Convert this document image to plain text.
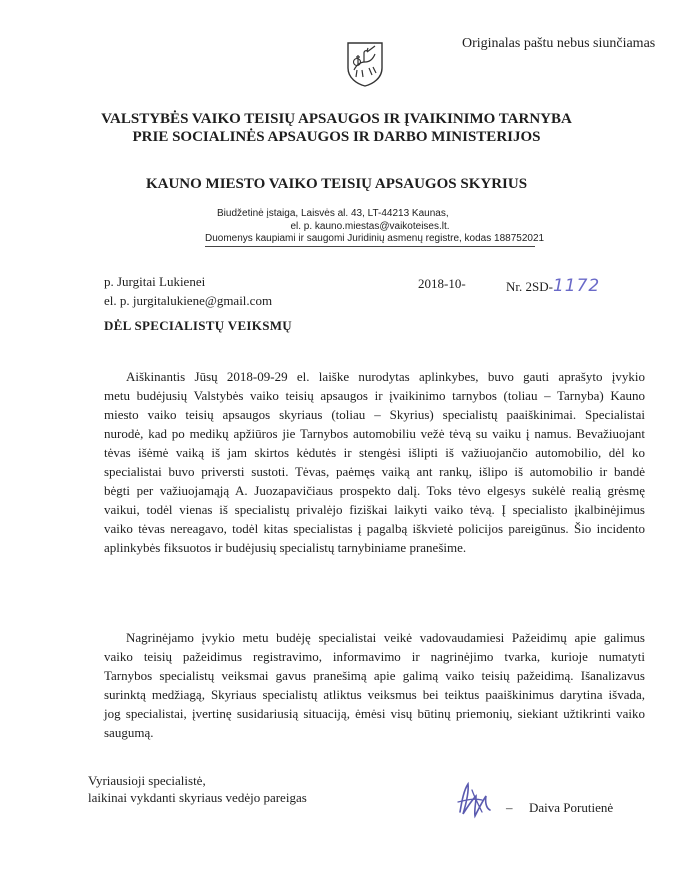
Originalas paštu nebus siunčiamas
VALSTYBĖS VAIKO TEISIŲ APSAUGOS IR ĮVAIKINIMO TARNYBA
PRIE SOCIALINĖS APSAUGOS IR DARBO MINISTERIJOS
KAUNO MIESTO VAIKO TEISIŲ APSAUGOS SKYRIUS
Biudžetinė įstaiga, Laisvės al. 43, LT-44213 Kaunas,
el. p. kauno.miestas@vaikoteises.lt.
Duomenys kaupiami ir saugomi Juridinių asmenų registre, kodas 188752021
p. Jurgitai Lukienei
el. p. jurgitalukiene@gmail.com
2018-10-	Nr. 2SD-1172
DĖL SPECIALISTŲ VEIKSMŲ
Aiškinantis Jūsų 2018-09-29 el. laiške nurodytas aplinkybes, buvo gauti aprašyto įvykio
metu budėjusių Valstybės vaiko teisių apsaugos ir įvaikinimo tarnybos (toliau – Tarnyba) Kauno
miesto vaiko teisių apsaugos skyriaus (toliau – Skyrius) specialistų paaiškinimai. Specialistai
nurodė, kad po medikų apžiūros jie Tarnybos automobiliu vežė tėvą su vaiku į namus. Bevažiuojant
tėvas išėmė vaiką iš jam skirtos kėdutės ir stengėsi išlipti iš važiuojančio automobilio, dėl ko
specialistai buvo priversti sustoti. Tėvas, paėmęs vaiką ant rankų, išlipo iš automobilio ir bandė
bėgti per važiuojamąją A. Juozapavičiaus prospekto dalį. Toks tėvo elgesys sukėlė realią grėsmę
vaikui, todėl vienas iš specialistų privalėjo fiziškai laikyti vaiko tėvą. Į specialisto įkalbinėjimus
vaiko tėvas nereagavo, todėl kitas specialistas į pagalbą iškvietė policijos pareigūnus. Šio incidento
aplinkybės fiksuotos ir budėjusių specialistų tarnybiniame pranešime.
Nagrinėjamo įvykio metu budėję specialistai veikė vadovaudamiesi Pažeidimų apie galimus
vaiko teisių pažeidimus registravimo, informavimo ir nagrinėjimo tvarka, kurioje numatyti
Tarnybos specialistų veiksmai gavus pranešimą apie galimą vaiko teisių pažeidimą. Išanalizavus
surinktą medžiagą, Skyriaus specialistų atliktus veiksmus bei teiktus paaiškinimus darytina išvada,
jog specialistai, įvertinę susidariusią situaciją, ėmėsi visų būtinų priemonių, siekiant užtikrinti vaiko
saugumą.
Vyriausioji specialistė,
laikinai vykdanti skyriaus vedėjo pareigas
– Daiva Porutienė
